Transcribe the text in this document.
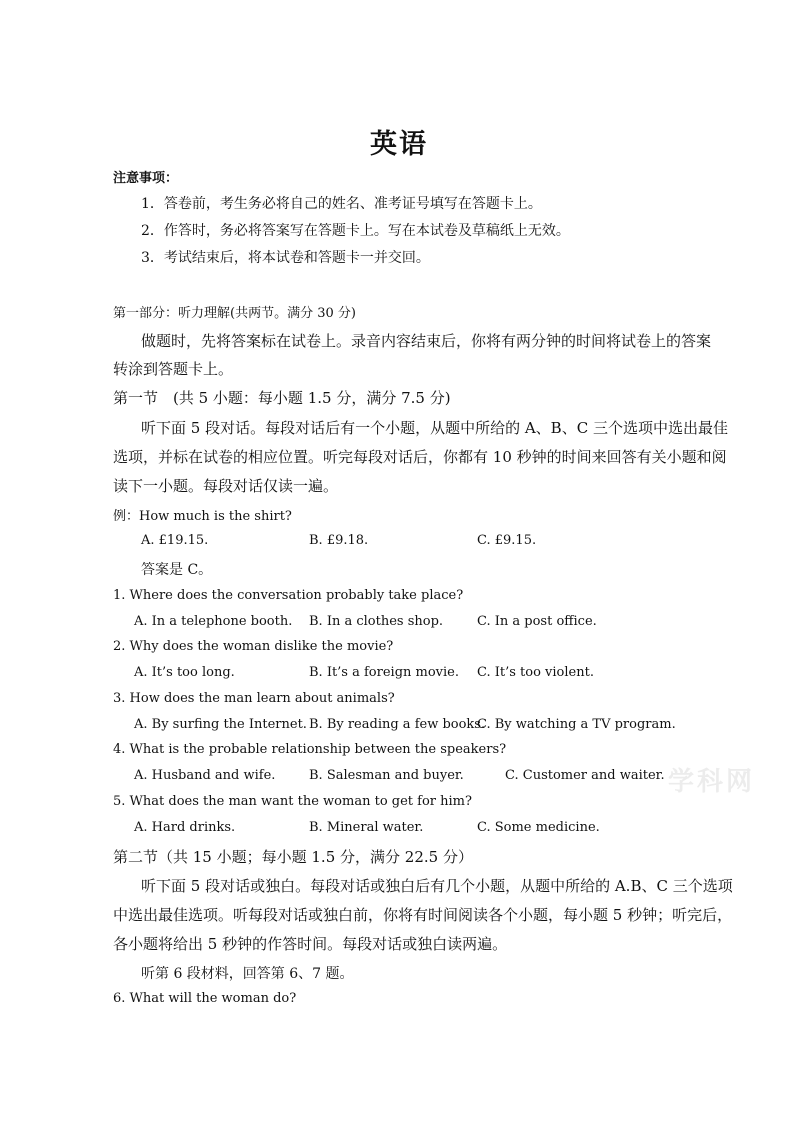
英语
注意事项：
1．答卷前，考生务必将自己的姓名、准考证号填写在答题卡上。
2．作答时，务必将答案写在答题卡上。写在本试卷及草稿纸上无效。
3．考试结束后，将本试卷和答题卡一并交回。
第一部分：听力理解(共两节。满分 30 分)
做题时，先将答案标在试卷上。录音内容结束后，你将有两分钟的时间将试卷上的答案
转涂到答题卡上。
第一节　(共 5 小题：每小题 1.5 分，满分 7.5 分)
听下面 5 段对话。每段对话后有一个小题，从题中所给的 A、B、C 三个选项中选出最佳
选项，并标在试卷的相应位置。听完每段对话后，你都有 10 秒钟的时间来回答有关小题和阅
读下一小题。每段对话仅读一遍。
例：How much is the shirt?
A. £19.15.	B. £9.18.	C. £9.15.
答案是 C。
1. Where does the conversation probably take place?
A. In a telephone booth. B. In a clothes shop.	C. In a post office.
2. Why does the woman dislike the movie?
A. It’s too long.	B. It’s a foreign movie. C. It’s too violent.
3. How does the man learn about animals?
A. By surfing the Internet. B. By reading a few books.
C. By watching a TV program.
4. What is the probable relationship between the speakers?
A. Husband and wife.	B. Salesman and buyer.	C. Customer and waiter. 学科网
5. What does the man want the woman to get for him?
A. Hard drinks.	B. Mineral water.	C. Some medicine.
第二节（共 15 小题；每小题 1.5 分，满分 22.5 分）
听下面 5 段对话或独白。每段对话或独白后有几个小题，从题中所给的 A.B、C 三个选项
中选出最佳选项。听每段对话或独白前，你将有时间阅读各个小题，每小题 5 秒钟；听完后，
各小题将给出 5 秒钟的作答时间。每段对话或独白读两遍。
听第 6 段材料，回答第 6、7 题。
6. What will the woman do?
